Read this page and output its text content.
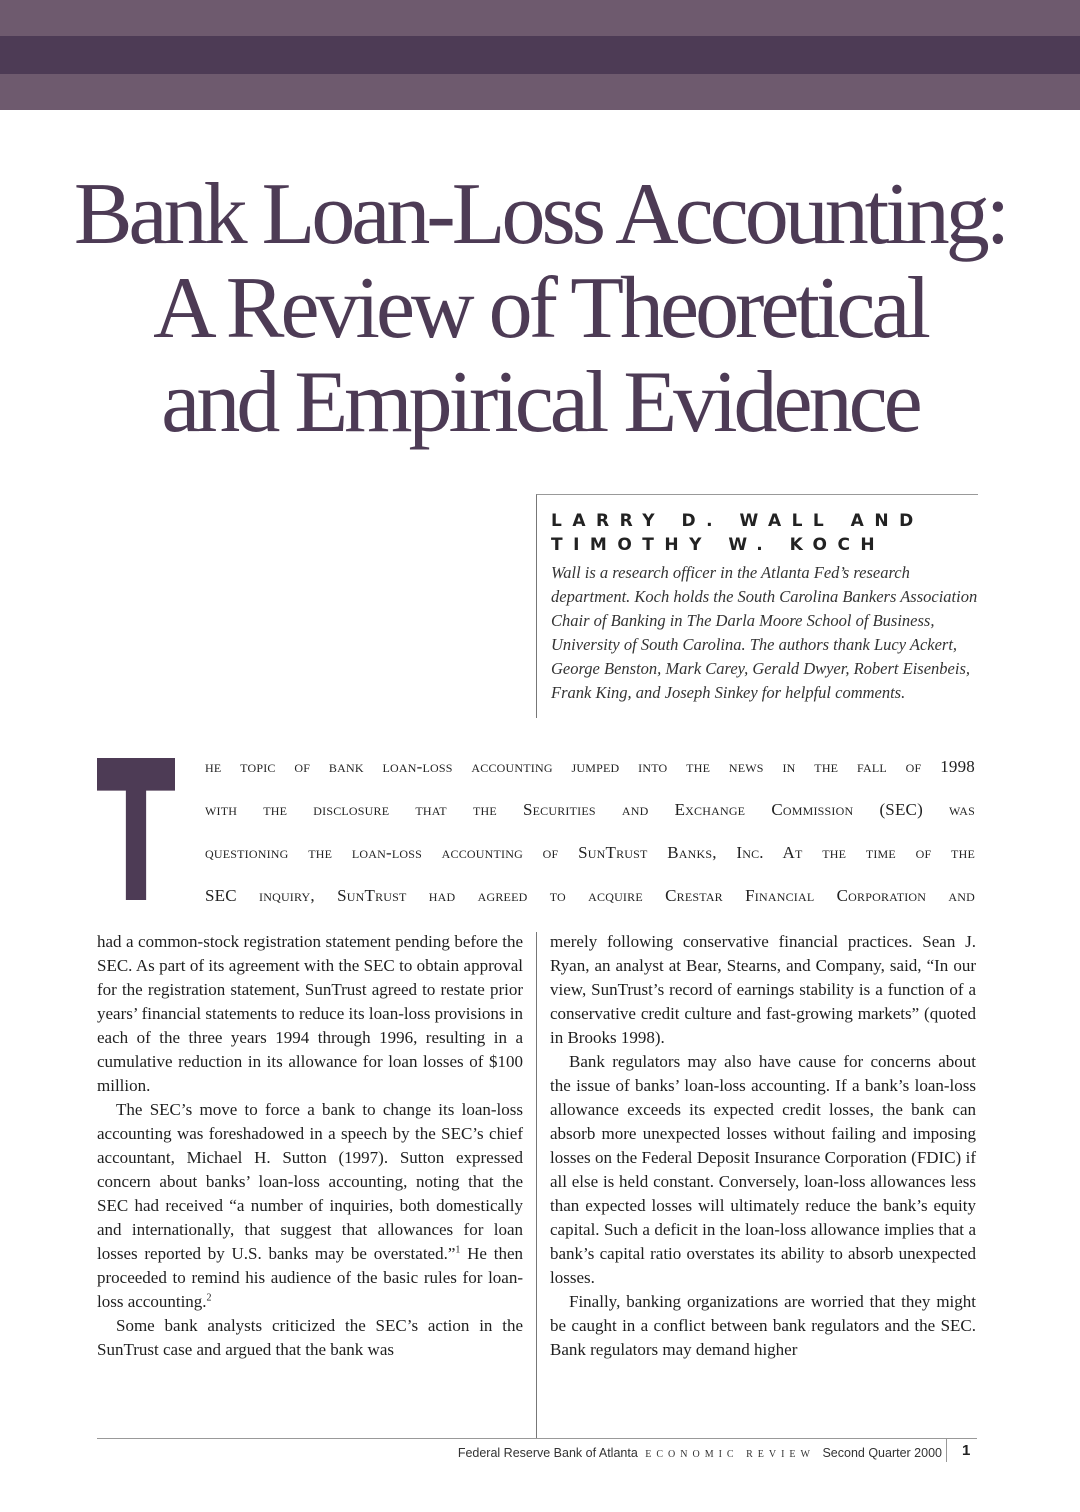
Bank Loan-Loss Accounting:
A Review of Theoretical
and Empirical Evidence
LARRY D. WALL AND
TIMOTHY W. KOCH
Wall is a research officer in the Atlanta Fed’s research department. Koch holds the South Carolina Bankers Association Chair of Banking in The Darla Moore School of Business, University of South Carolina. The authors thank Lucy Ackert, George Benston, Mark Carey, Gerald Dwyer, Robert Eisenbeis, Frank King, and Joseph Sinkey for helpful comments.
he topic of bank loan-loss accounting jumped into the news in the fall of 1998
with the disclosure that the Securities and Exchange Commission (SEC) was
questioning the loan-loss accounting of SunTrust Banks, Inc. At the time of the
SEC inquiry, SunTrust had agreed to acquire Crestar Financial Corporation and

had a common-stock registration statement pending before the SEC. As part of its agreement with the SEC to obtain approval for the registration statement, SunTrust agreed to restate prior years’ financial statements to reduce its loan-loss provisions in each of the three years 1994 through 1996, resulting in a cumulative reduction in its allowance for loan losses of $100 million.

The SEC’s move to force a bank to change its loan-loss accounting was foreshadowed in a speech by the SEC’s chief accountant, Michael H. Sutton (1997). Sutton expressed concern about banks’ loan-loss accounting, noting that the SEC had received “a number of inquiries, both domestically and internationally, that suggest that allowances for loan losses reported by U.S. banks may be overstated.”$^1$ He then proceeded to remind his audience of the basic rules for loan-loss accounting.$^2$

Some bank analysts criticized the SEC’s action in the SunTrust case and argued that the bank was

merely following conservative financial practices. Sean J. Ryan, an analyst at Bear, Stearns, and Company, said, “In our view, SunTrust’s record of earnings stability is a function of a conservative credit culture and fast-growing markets” (quoted in Brooks 1998).

Bank regulators may also have cause for concerns about the issue of banks’ loan-loss accounting. If a bank’s loan-loss allowance exceeds its expected credit losses, the bank can absorb more unexpected losses without failing and imposing losses on the Federal Deposit Insurance Corporation (FDIC) if all else is held constant. Conversely, loan-loss allowances less than expected losses will ultimately reduce the bank’s equity capital. Such a deficit in the loan-loss allowance implies that a bank’s capital ratio overstates its ability to absorb unexpected losses.

Finally, banking organizations are worried that they might be caught in a conflict between bank regulators and the SEC. Bank regulators may demand higher

Federal Reserve Bank of Atlanta ECONOMIC REVIEW Second Quarter 2000 1
